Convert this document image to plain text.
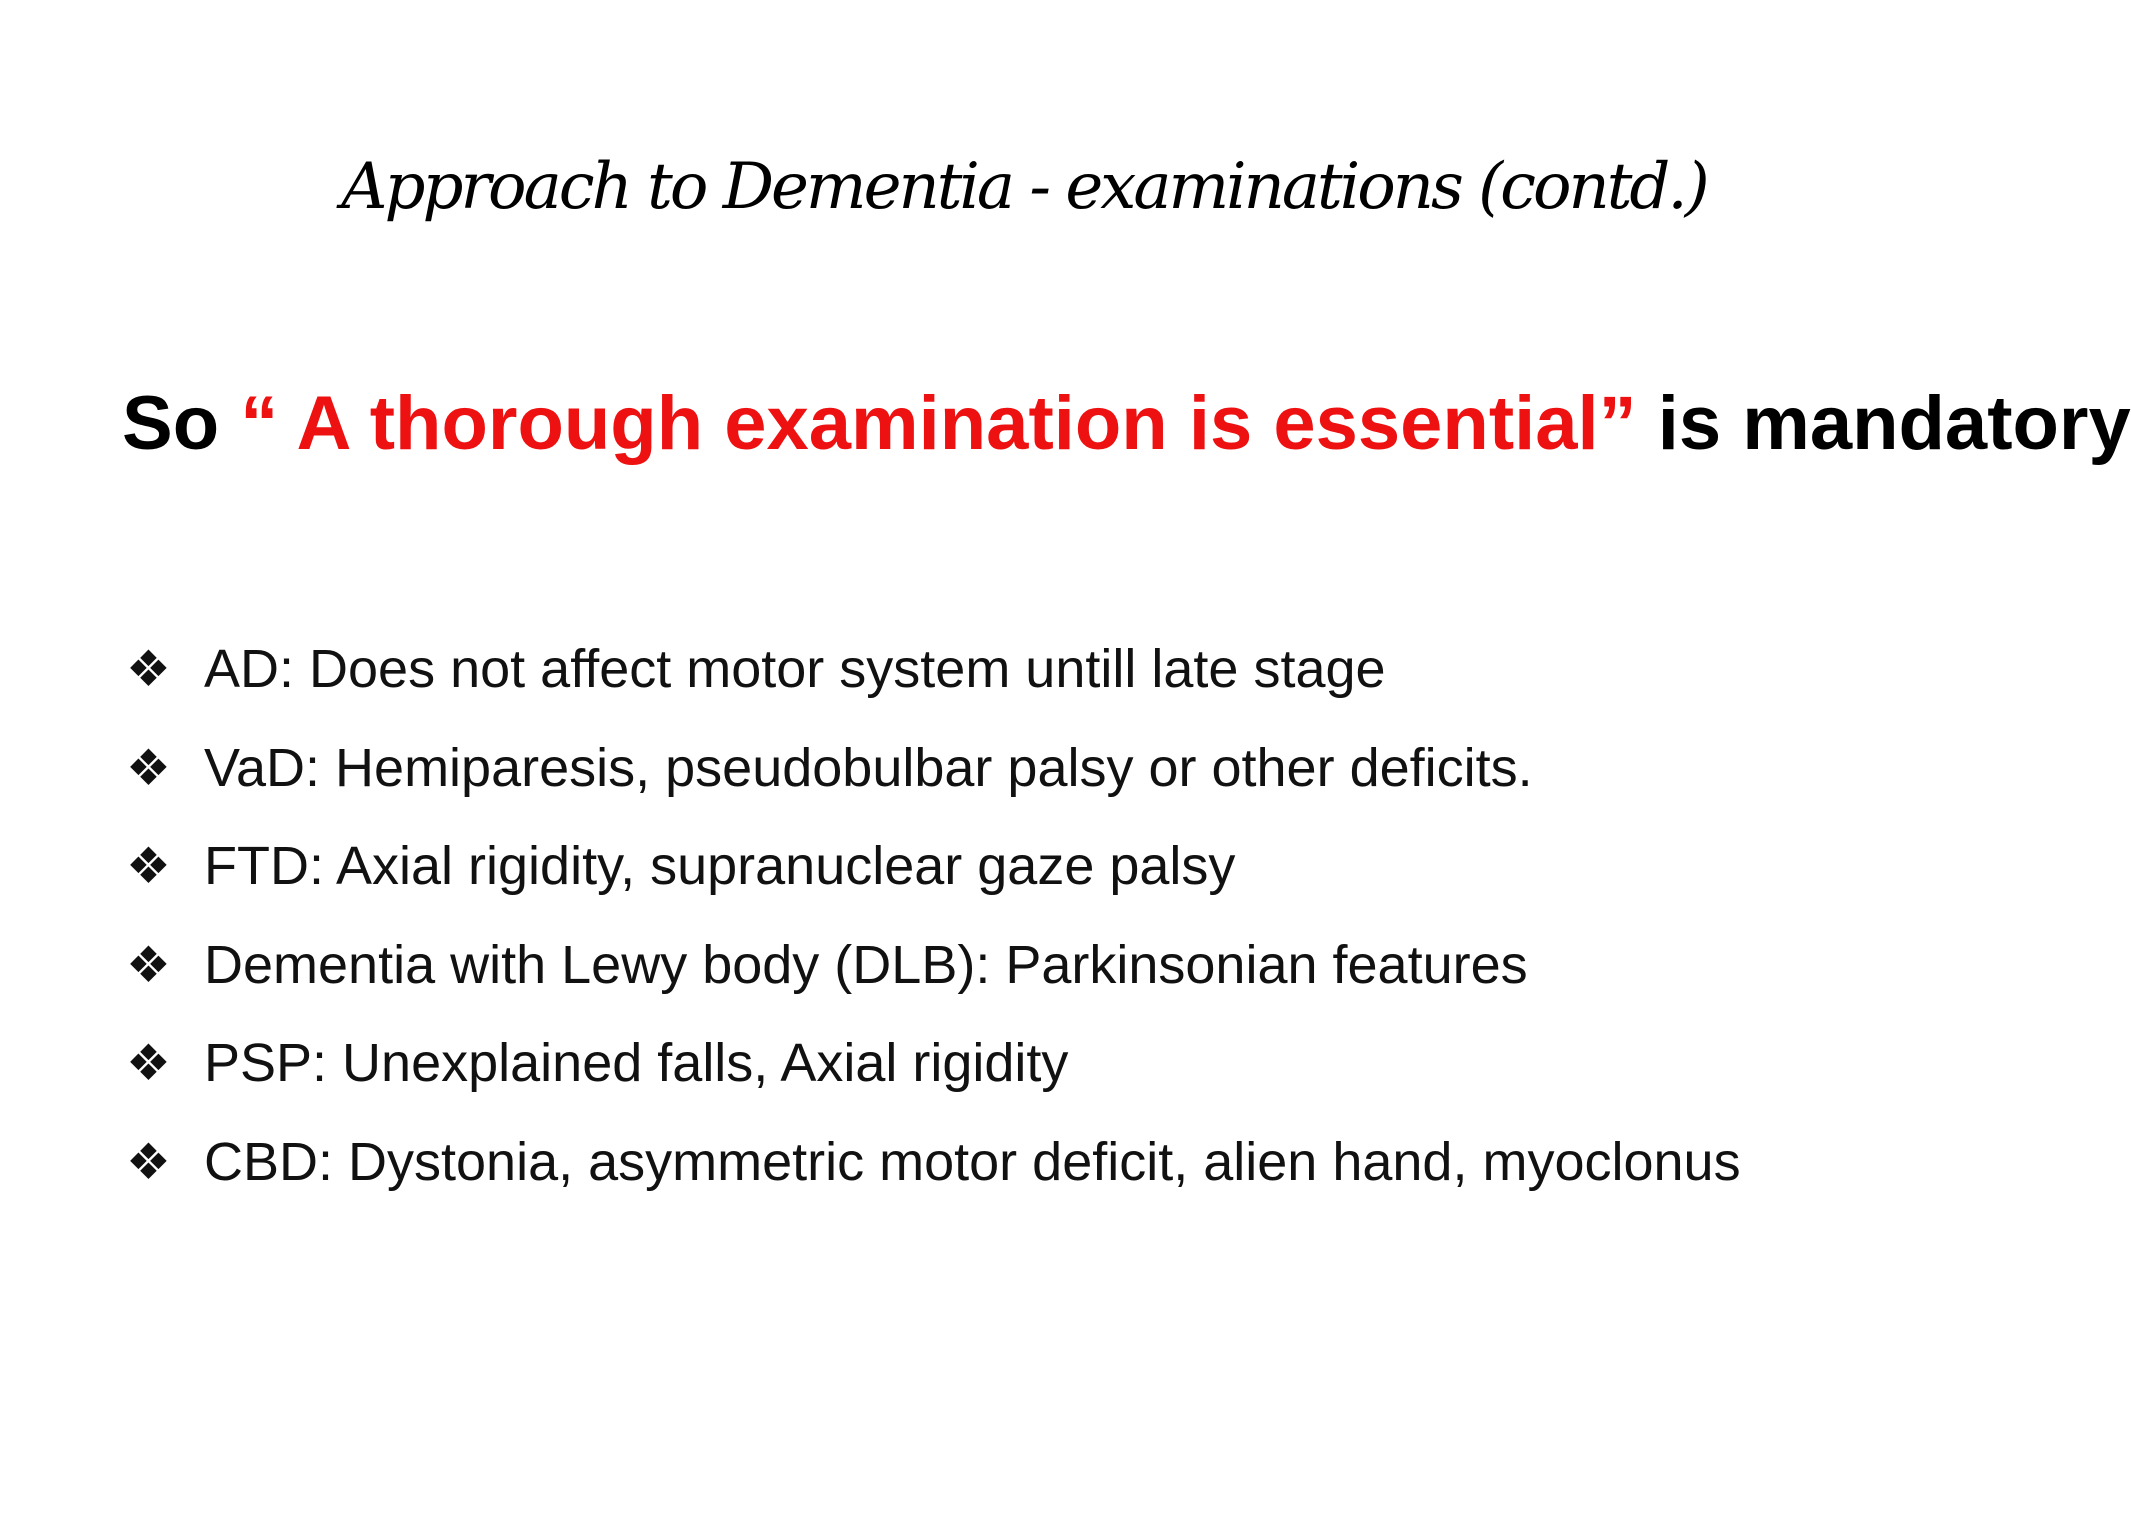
Approach to Dementia - examinations (contd.)
So “ A thorough examination is essential” is mandatory
❖ AD: Does not affect motor system untill late stage
❖ VaD: Hemiparesis, pseudobulbar palsy or other deficits.
❖ FTD: Axial rigidity, supranuclear gaze palsy
❖ Dementia with Lewy body (DLB): Parkinsonian features
❖ PSP: Unexplained falls, Axial rigidity
❖ CBD: Dystonia, asymmetric motor deficit, alien hand, myoclonus
